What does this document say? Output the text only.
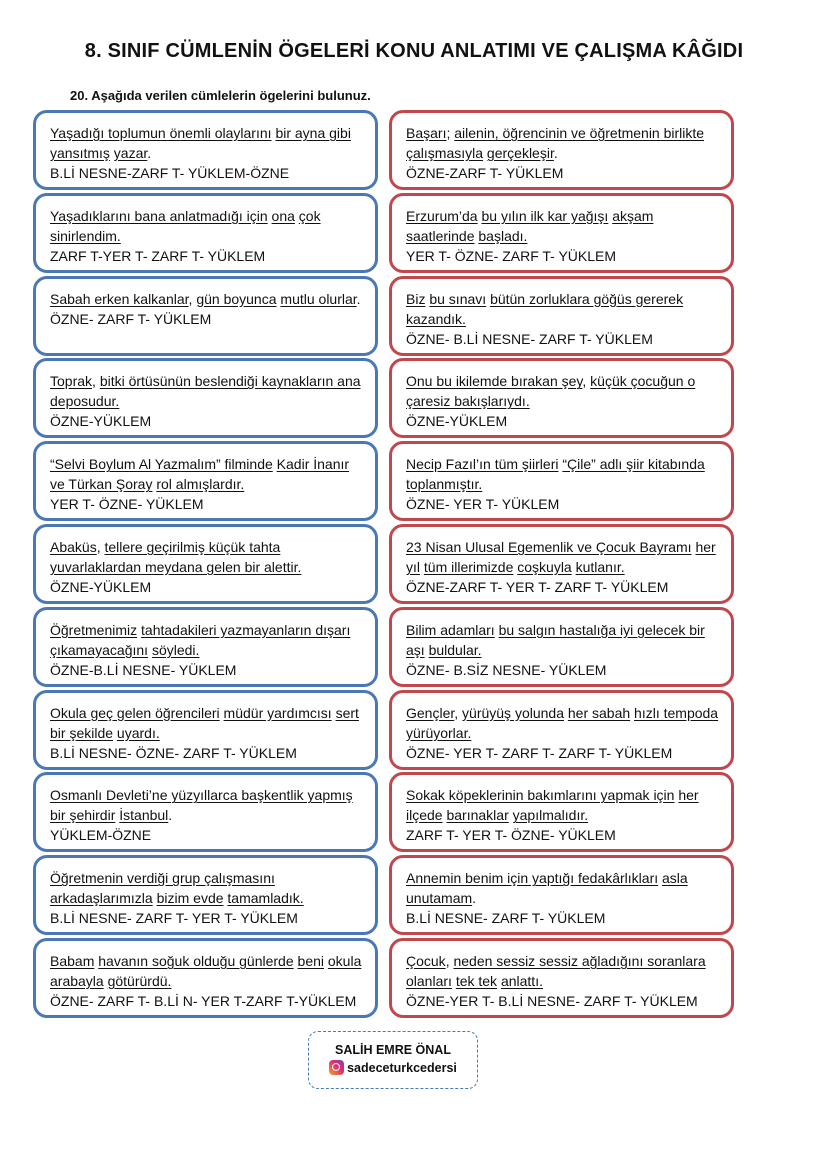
8. SINIF CÜMLENİN ÖGELERİ KONU ANLATIMI VE ÇALIŞMA KÂĞIDI
20. Aşağıda verilen cümlelerin ögelerini bulunuz.

Yaşadığı toplumun önemli olaylarını bir ayna gibi yansıtmış yazar.

B.Lİ NESNE-ZARF T- YÜKLEM-ÖZNE

Yaşadıklarını bana anlatmadığı için ona çok sinirlendim.

ZARF T-YER T- ZARF T- YÜKLEM

Sabah erken kalkanlar, gün boyunca mutlu olurlar.

ÖZNE- ZARF T- YÜKLEM

Toprak, bitki örtüsünün beslendiği kaynakların ana deposudur.

ÖZNE-YÜKLEM

“Selvi Boylum Al Yazmalım” filminde Kadir İnanır ve Türkan Şoray rol almışlardır.

YER T- ÖZNE- YÜKLEM

Abaküs, tellere geçirilmiş küçük tahta yuvarlaklardan meydana gelen bir alettir.

ÖZNE-YÜKLEM

Öğretmenimiz tahtadakileri yazmayanların dışarı çıkamayacağını söyledi.

ÖZNE-B.Lİ NESNE- YÜKLEM

Okula geç gelen öğrencileri müdür yardımcısı sert bir şekilde uyardı.

B.Lİ NESNE- ÖZNE- ZARF T- YÜKLEM

Osmanlı Devleti’ne yüzyıllarca başkentlik yapmış bir şehirdir İstanbul.

YÜKLEM-ÖZNE

Öğretmenin verdiği grup çalışmasını arkadaşlarımızla bizim evde tamamladık.

B.Lİ NESNE- ZARF T- YER T- YÜKLEM

Babam havanın soğuk olduğu günlerde beni okula arabayla götürürdü.

ÖZNE- ZARF T- B.Lİ N- YER T-ZARF T-YÜKLEM

Başarı; ailenin, öğrencinin ve öğretmenin birlikte çalışmasıyla gerçekleşir.

ÖZNE-ZARF T- YÜKLEM

Erzurum’da bu yılın ilk kar yağışı akşam saatlerinde başladı.

YER T- ÖZNE- ZARF T- YÜKLEM

Biz bu sınavı bütün zorluklara göğüs gererek kazandık.

ÖZNE- B.Lİ NESNE- ZARF T- YÜKLEM

Onu bu ikilemde bırakan şey, küçük çocuğun o çaresiz bakışlarıydı.

ÖZNE-YÜKLEM

Necip Fazıl’ın tüm şiirleri “Çile” adlı şiir kitabında toplanmıştır.

ÖZNE- YER T- YÜKLEM

23 Nisan Ulusal Egemenlik ve Çocuk Bayramı her yıl tüm illerimizde coşkuyla kutlanır.

ÖZNE-ZARF T- YER T- ZARF T- YÜKLEM

Bilim adamları bu salgın hastalığa iyi gelecek bir aşı buldular.

ÖZNE- B.SİZ NESNE- YÜKLEM

Gençler, yürüyüş yolunda her sabah hızlı tempoda yürüyorlar.

ÖZNE- YER T- ZARF T- ZARF T- YÜKLEM

Sokak köpeklerinin bakımlarını yapmak için her ilçede barınaklar yapılmalıdır.

ZARF T- YER T- ÖZNE- YÜKLEM

Annemin benim için yaptığı fedakârlıkları asla unutamam.

B.Lİ NESNE- ZARF T- YÜKLEM

Çocuk, neden sessiz sessiz ağladığını soranlara olanları tek tek anlattı.

ÖZNE-YER T- B.Lİ NESNE- ZARF T- YÜKLEM

SALİH EMRE ÖNAL
sadeceturkcedersi
